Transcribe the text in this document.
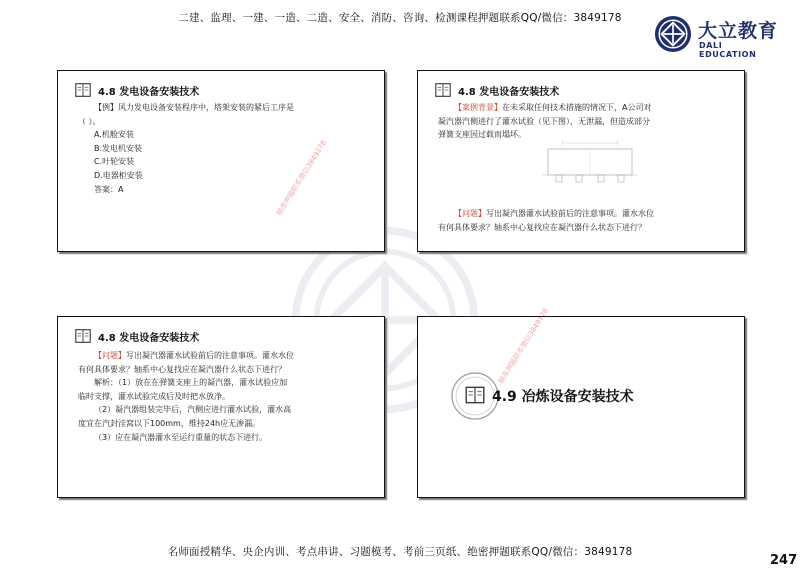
二建、监理、一建、一造、二造、安全、消防、咨询、检测课程押题联系QQ/微信：3849178
大立教育
DALI EDUCATION
4.8 发电设备安装技术
【例】风力发电设备安装程序中，塔架安装的紧后工序是
（ ）。
A.机舱安装
B.发电机安装
C.叶轮安装
D.电器柜安装
答案：A	精准押题联系微信3849178
4.8 发电设备安装技术
【案例背景】在未采取任何技术措施的情况下，A公司对
凝汽器汽侧进行了灌水试验（见下图），无泄漏，但造成部分
弹簧支座因过载而塌坏。
【问题】写出凝汽器灌水试验前后的注意事项。灌水水位
有何具体要求？轴系中心复找应在凝汽器什么状态下进行？
4.8 发电设备安装技术
【问题】写出凝汽器灌水试验前后的注意事项。灌水水位
有何具体要求？轴系中心复找应在凝汽器什么状态下进行？
解析：（1）放在在弹簧支座上的凝汽器，灌水试验应加
临时支撑，灌水试验完成后及时把水放净。
（2）凝汽器组装完毕后，汽侧应进行灌水试验，灌水高
度宜在汽封洼窝以下100mm，维持24h应无渗漏。
（3）应在凝汽器灌水至运行重量的状态下进行。
精准押题联系微信3849178
4.9 冶炼设备安装技术
名师面授精华、央企内训、考点串讲、习题模考、考前三页纸、绝密押题联系QQ/微信：3849178
247
